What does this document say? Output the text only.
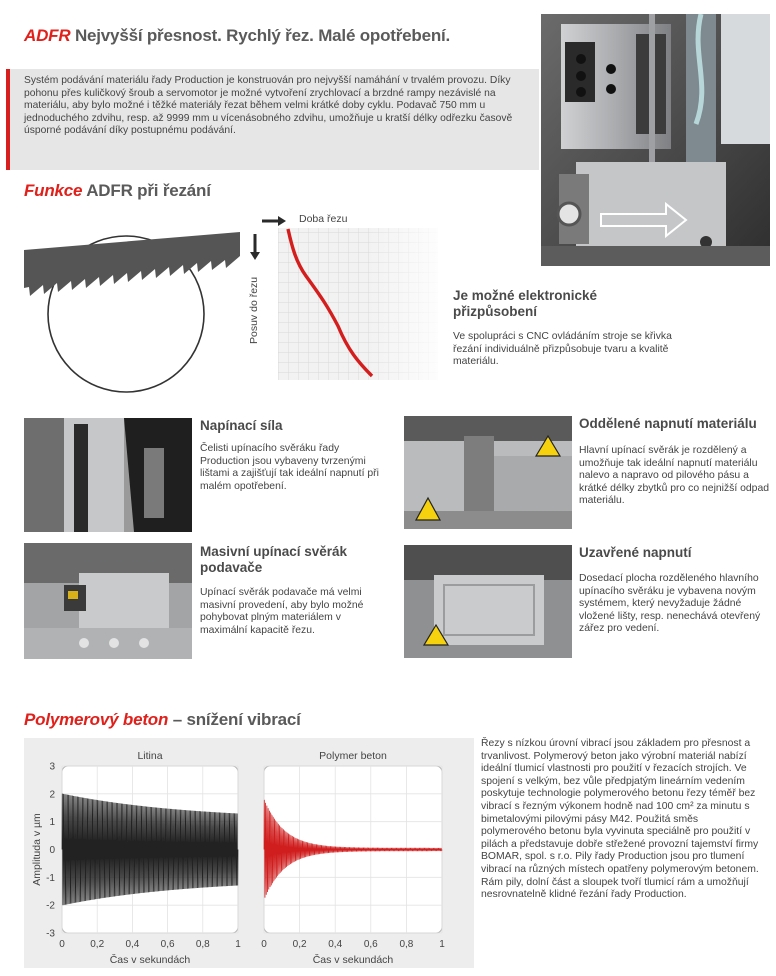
ADFR Nejvyšší přesnost. Rychlý řez. Malé opotřebení.
Systém podávání materiálu řady Production je konstruován pro nejvyšší namáhání v trvalém provozu. Díky pohonu přes kuličkový šroub a servomotor je možné vytvoření zrychlovací a brzdné rampy nezávislé na materiálu, aby bylo možné i těžké materiály řezat během velmi krátké doby cyklu. Podavač 750 mm u jednoduchého zdvihu, resp. až 9999 mm u vícenásobného zdvihu, umožňuje u kratší délky odřezku časově úsporné podávání díky postupnému podávání.
Funkce ADFR při řezání
Doba řezu
Posuv do řezu	Je možné elektronické přizpůsobení
Ve spolupráci s CNC ovládáním stroje se křivka řezání individuálně přizpůsobuje tvaru a kvalitě materiálu.
Napínací síla
Čelisti upínacího svěráku řady Production jsou vybaveny tvrzenými lištami a zajišťují tak ideální napnutí při malém opotřebení.
Oddělené napnutí materiálu
Hlavní upínací svěrák je rozdělený a umožňuje tak ideální napnutí materiálu nalevo a napravo od pilového pásu a krátké délky zbytků pro co nejnižší odpad materiálu.
Masivní upínací svěrák podavače
Upínací svěrák podavače má velmi masivní provedení, aby bylo možné pohybovat plným materiálem v maximální kapacitě řezu.
Uzavřené napnutí
Dosedací plocha rozděleného hlavního upínacího svěráku je vybavena novým systémem, který nevyžaduje žádné vložené lišty, resp. nenechává otevřený zářez pro vedení.
Polymerový beton – snížení vibrací
0	0,2 0,4 0,6 0,8	1
3
2
1
0
-1
-2
-3
Litina
Čas v sekundách
Amplituda v µm
0	0,2 0,4 0,6 0,8	1
Polymer beton
Čas v sekundách
Řezy s nízkou úrovní vibrací jsou základem pro přesnost a trvanlivost. Polymerový beton jako výrobní materiál nabízí ideální tlumicí vlastnosti pro použití v řezacích strojích. Ve spojení s velkým, bez vůle předpjatým lineárním vedením poskytuje technologie polymerového betonu řezy téměř bez vibrací s řezným výkonem hodně nad 100 cm² za minutu s bimetalovými pilovými pásy M42. Použitá směs polymerového betonu byla vyvinuta speciálně pro použití v pilách a představuje dobře střežené provozní tajemství firmy BOMAR, spol. s r.o. Pily řady Production jsou pro tlumení vibrací na různých místech opatřeny polymerovým betonem. Rám pily, dolní část a sloupek tvoří tlumicí rám a umožňují nesrovnatelně klidné řezání řady Production.
